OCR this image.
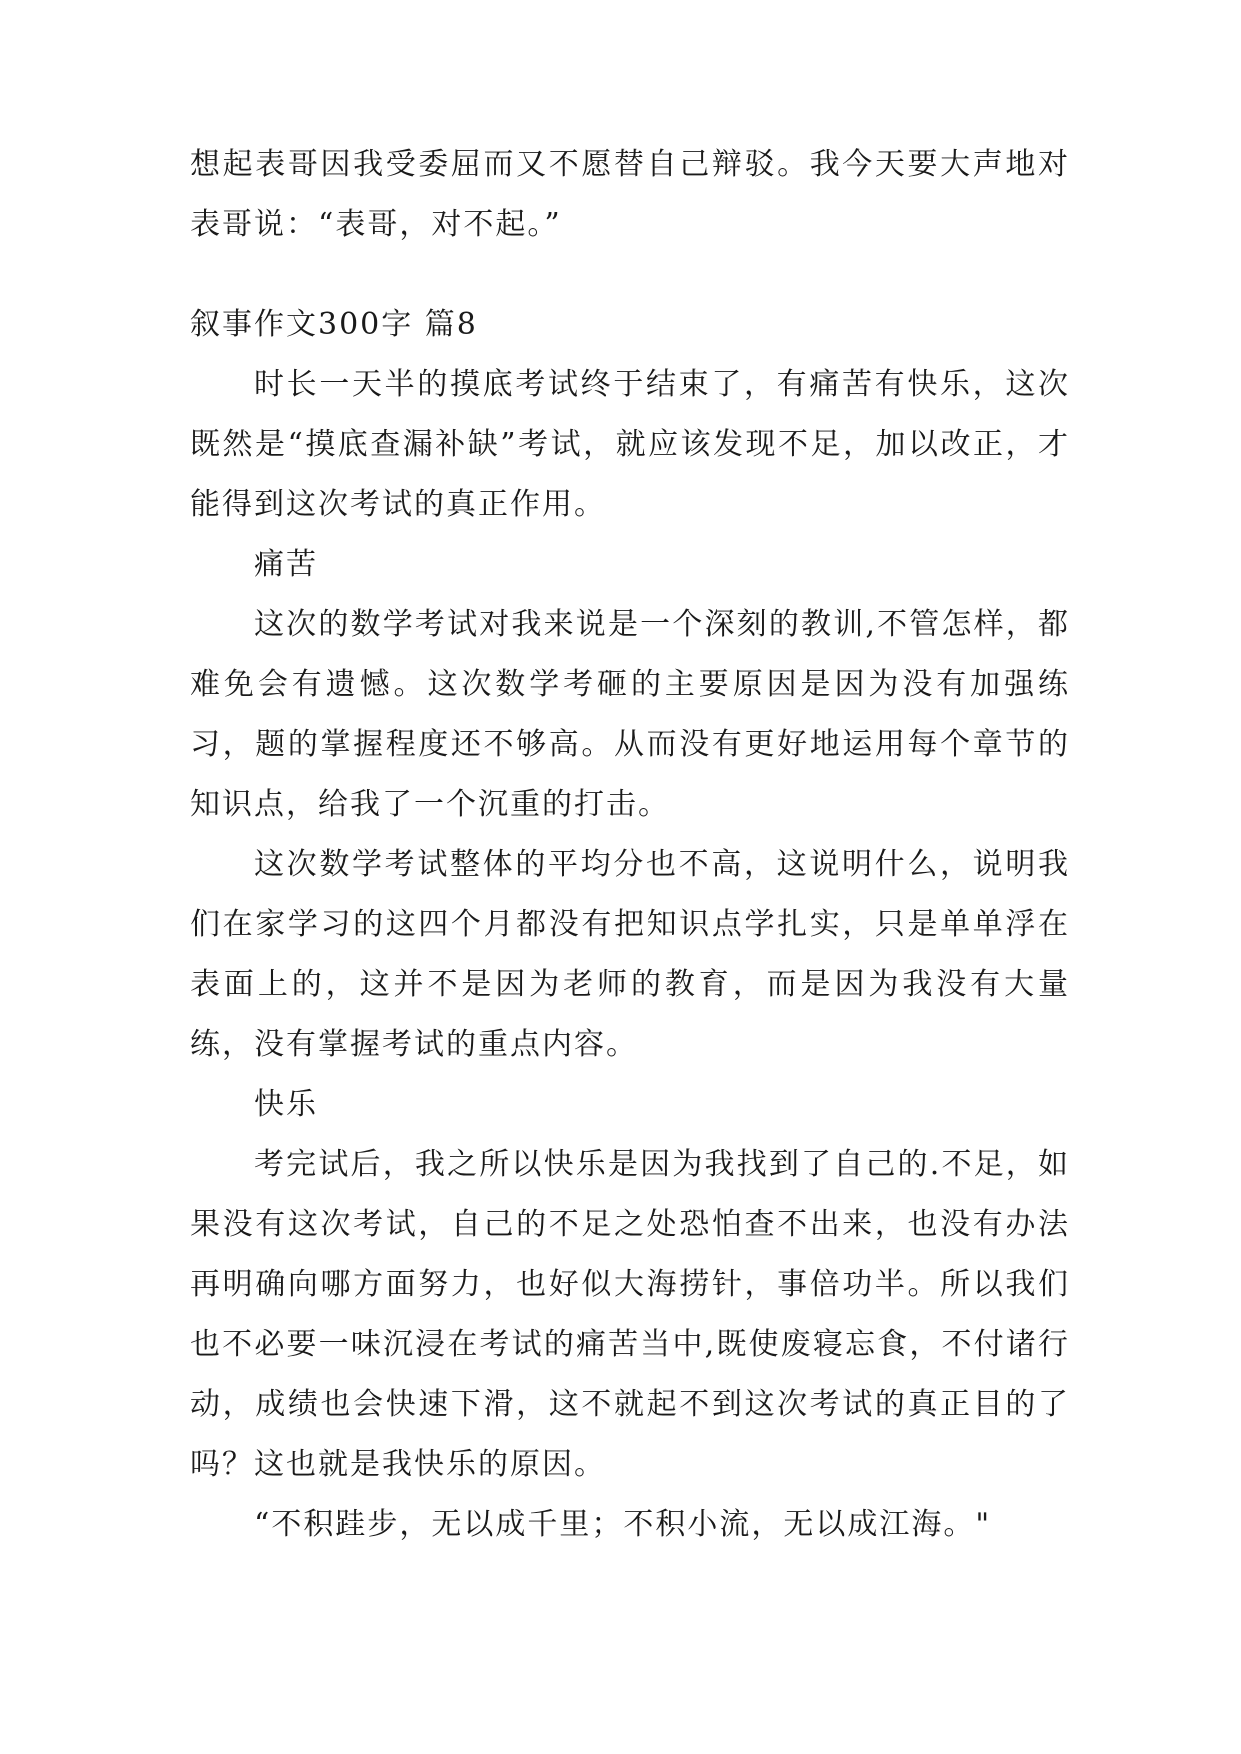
想起表哥因我受委屈而又不愿替自己辩驳。我今天要大声地对表哥说：“表哥，对不起。”

叙事作文300字 篇8

时长一天半的摸底考试终于结束了，有痛苦有快乐，这次既然是“摸底查漏补缺”考试，就应该发现不足，加以改正，才能得到这次考试的真正作用。

痛苦

这次的数学考试对我来说是一个深刻的教训,不管怎样，都难免会有遗憾。这次数学考砸的主要原因是因为没有加强练习，题的掌握程度还不够高。从而没有更好地运用每个章节的知识点，给我了一个沉重的打击。

这次数学考试整体的平均分也不高，这说明什么，说明我们在家学习的这四个月都没有把知识点学扎实，只是单单浮在表面上的，这并不是因为老师的教育，而是因为我没有大量练，没有掌握考试的重点内容。

快乐

考完试后，我之所以快乐是因为我找到了自己的.不足，如果没有这次考试，自己的不足之处恐怕查不出来，也没有办法再明确向哪方面努力，也好似大海捞针，事倍功半。所以我们也不必要一味沉浸在考试的痛苦当中,既使废寝忘食，不付诸行动，成绩也会快速下滑，这不就起不到这次考试的真正目的了吗？这也就是我快乐的原因。

“不积跬步，无以成千里；不积小流，无以成江海。"
